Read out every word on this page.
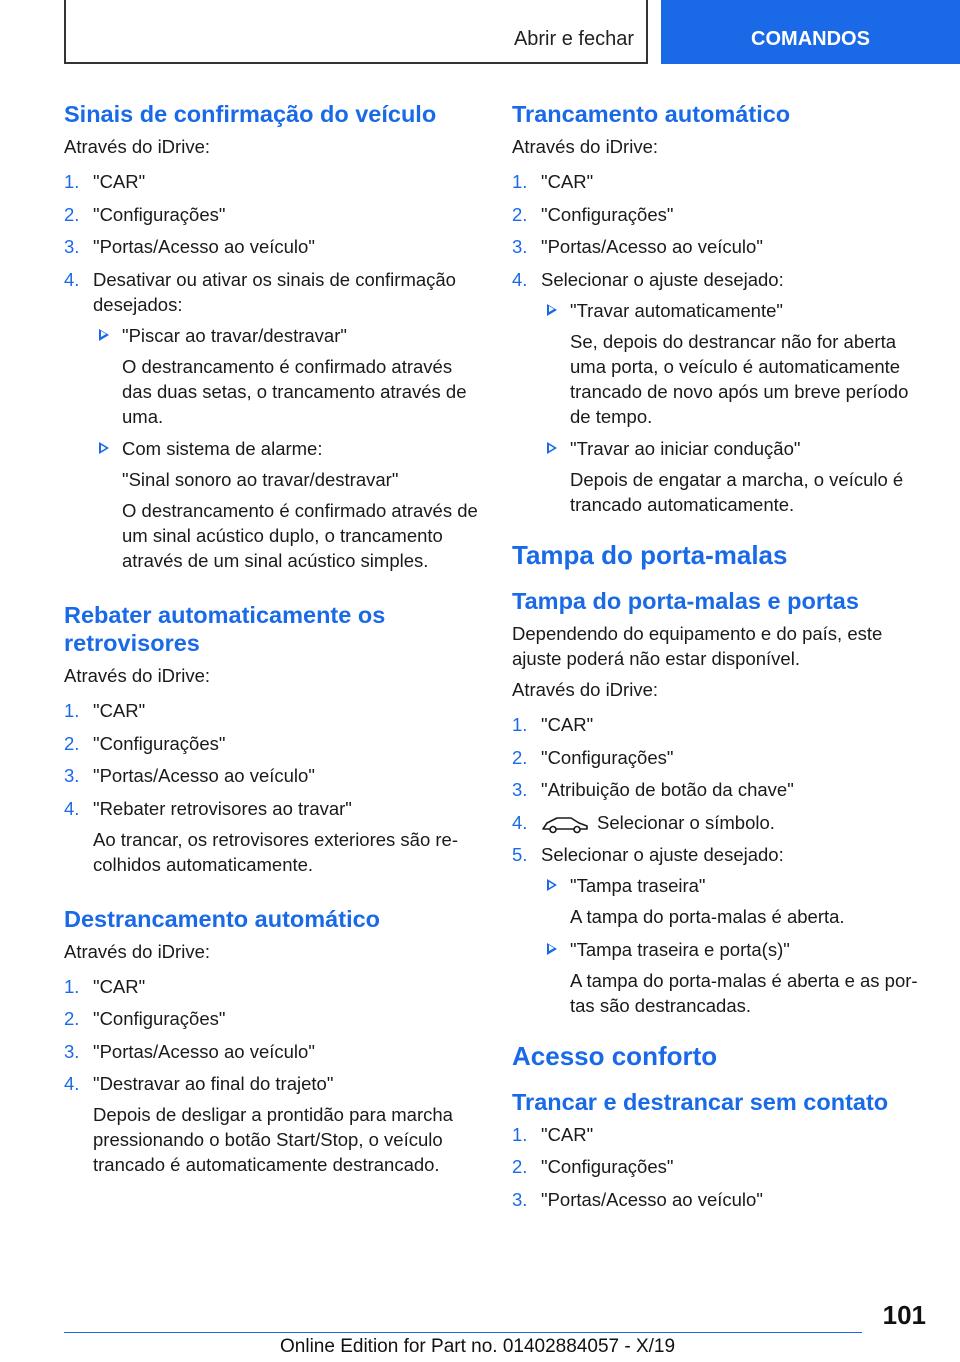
Abrir e fechar	COMANDOS
Sinais de confirmação do veículo

Através do iDrive:

1. "CAR"
2. "Configurações"
3. "Portas/Acesso ao veículo"
4. Desativar ou ativar os sinais de confirmação desejados:
"Piscar ao travar/destravar"
O destrancamento é confirmado através das duas setas, o trancamento através de uma.
Com sistema de alarme:
"Sinal sonoro ao travar/destravar"
O destrancamento é confirmado através de um sinal acústico duplo, o trancamento através de um sinal acústico simples.
Rebater automaticamente os retrovisores

Através do iDrive:

1. "CAR"
2. "Configurações"
3. "Portas/Acesso ao veículo"
4. "Rebater retrovisores ao travar"
Ao trancar, os retrovisores exteriores são re-colhidos automaticamente.
Destrancamento automático

Através do iDrive:

1. "CAR"
2. "Configurações"
3. "Portas/Acesso ao veículo"
4. "Destravar ao final do trajeto"
Depois de desligar a prontidão para marcha pressionando o botão Start/Stop, o veículo trancado é automaticamente destrancado.
Trancamento automático

Através do iDrive:

1. "CAR"
2. "Configurações"
3. "Portas/Acesso ao veículo"
4. Selecionar o ajuste desejado:
"Travar automaticamente"
Se, depois do destrancar não for aberta uma porta, o veículo é automaticamente trancado de novo após um breve período de tempo.
"Travar ao iniciar condução"
Depois de engatar a marcha, o veículo é trancado automaticamente.
Tampa do porta-malas
Tampa do porta-malas e portas

Dependendo do equipamento e do país, este ajuste poderá não estar disponível.

Através do iDrive:

1. "CAR"
2. "Configurações"
3. "Atribuição de botão da chave"
4.	Selecionar o símbolo.
5. Selecionar o ajuste desejado:
"Tampa traseira"
A tampa do porta-malas é aberta.
"Tampa traseira e porta(s)"
A tampa do porta-malas é aberta e as por-tas são destrancadas.
Acesso conforto
Trancar e destrancar sem contato
1. "CAR"
2. "Configurações"
3. "Portas/Acesso ao veículo"
101
Online Edition for Part no. 01402884057 - X/19
